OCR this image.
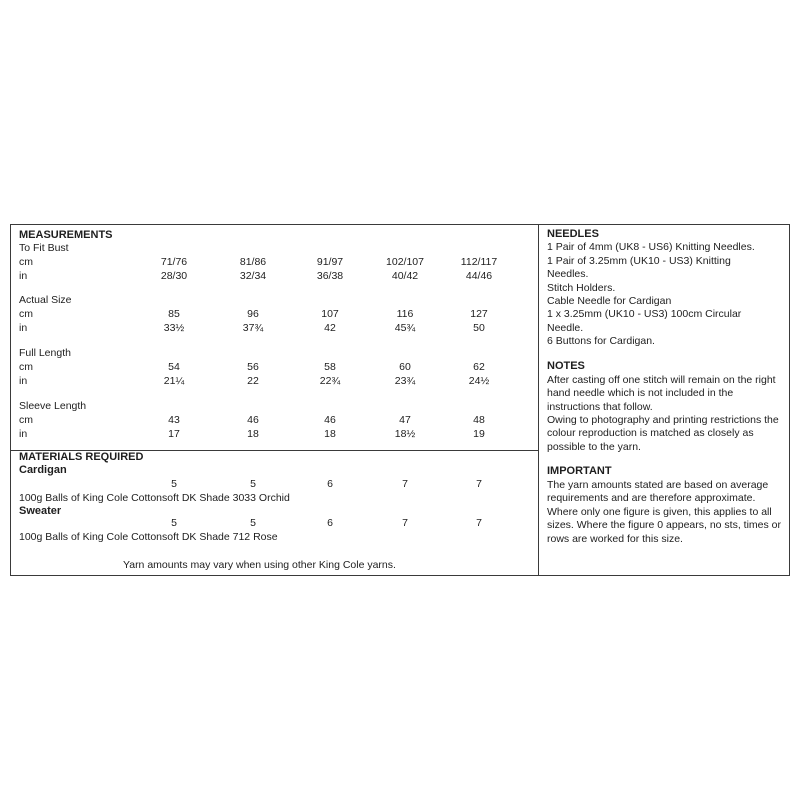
MEASUREMENTS
To Fit Bust
cm	71/76	81/86	91/97	102/107	112/117
in	28/30	32/34	36/38	40/42	44/46
Actual Size
cm	85	96	107	116	127
in	33½	37¾	42	45¾	50
Full Length
cm	54	56	58	60	62
in	21¼	22	22¾	23¾	24½
Sleeve Length
cm	43	46	46	47	48
in	17	18	18	18½	19
MATERIALS REQUIRED
Cardigan
5	5	6	7	7
100g Balls of King Cole Cottonsoft DK Shade 3033 Orchid
Sweater
5	5	6	7	7
100g Balls of King Cole Cottonsoft DK Shade 712 Rose
Yarn amounts may vary when using other King Cole yarns.
NEEDLES
1 Pair of 4mm (UK8 - US6) Knitting Needles.
1 Pair of 3.25mm (UK10 - US3) Knitting
Needles.
Stitch Holders.
Cable Needle for Cardigan
1 x 3.25mm (UK10 - US3) 100cm Circular
Needle.
6 Buttons for Cardigan.
NOTES
After casting off one stitch will remain on the right hand needle which is not included in the instructions that follow.
Owing to photography and printing restrictions the colour reproduction is matched as closely as possible to the yarn.
IMPORTANT
The yarn amounts stated are based on average requirements and are therefore approximate. Where only one figure is given, this applies to all sizes. Where the figure 0 appears, no sts, times or rows are worked for this size.
